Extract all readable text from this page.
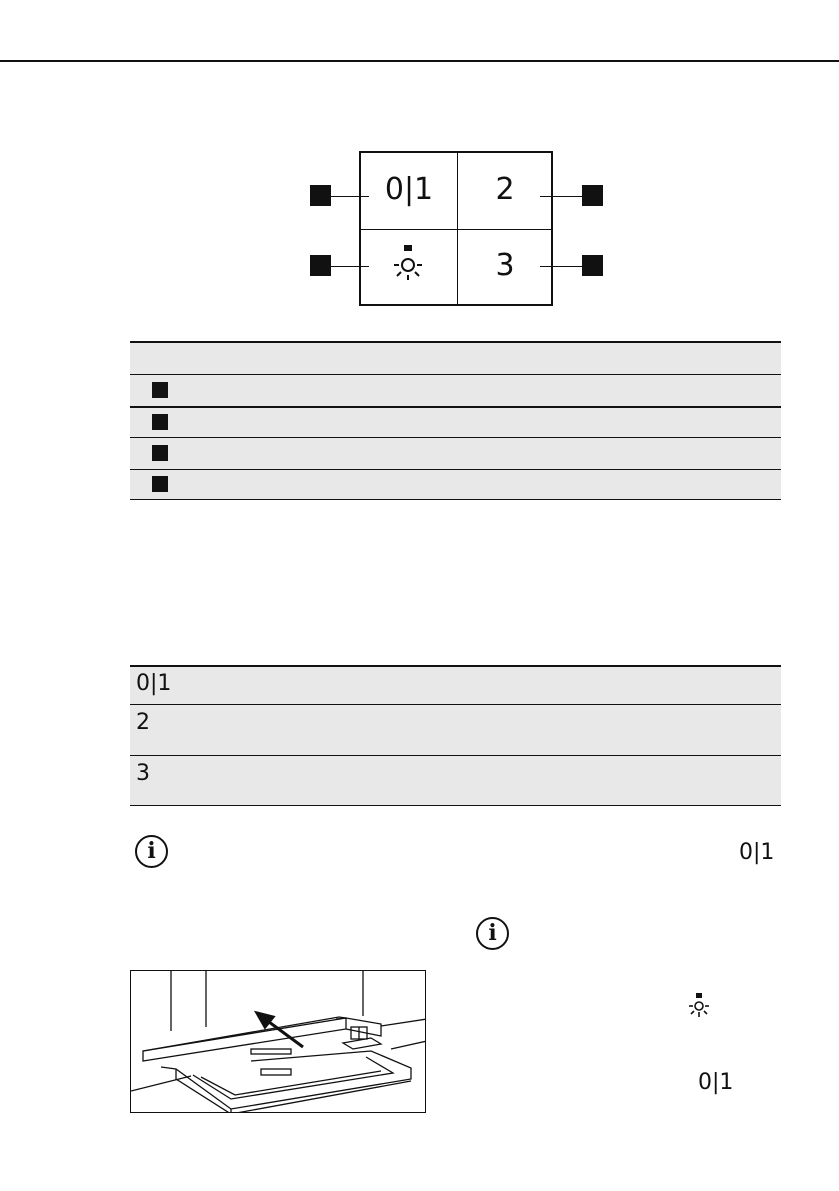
0|1	2
3
0|1
2
3
i	0|1
i
0|1
